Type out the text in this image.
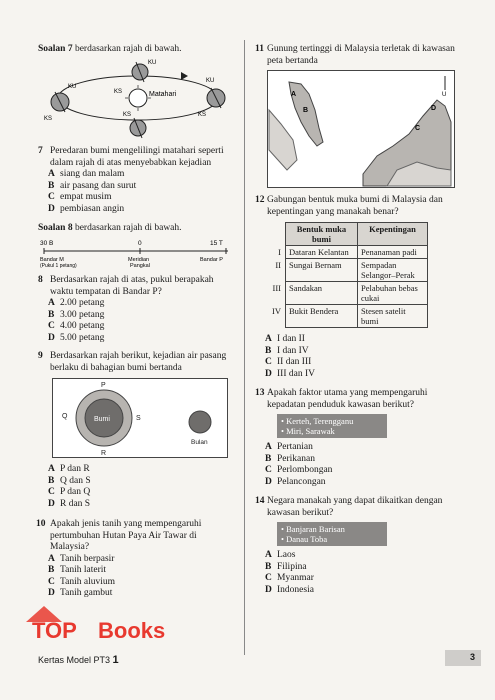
Soalan 7 berdasarkan rajah di bawah.
Matahari
KU
KU
KU
KS
KS
KS
KS
7 Peredaran bumi mengelilingi matahari seperti dalam rajah di atas menyebabkan kejadian
A siang dan malam
B air pasang dan surut
C empat musim
D pembiasan angin
Soalan 8 berdasarkan rajah di bawah.
30 B	0	15 T
Bandar M
(Pukul 1 petang)
Meridian
Pangkal
Bandar P
8 Berdasarkan rajah di atas, pukul berapakah waktu tempatan di Bandar P?
A 2.00 petang
B 3.00 petang
C 4.00 petang
D 5.00 petang
9 Berdasarkan rajah berikut, kejadian air pasang berlaku di bahagian bumi bertanda
P
Q
R
S
Bumi
Bulan
A P dan R
B Q dan S
C P dan Q
D R dan S
10 Apakah jenis tanih yang mempengaruhi pertumbuhan Hutan Paya Air Tawar di Malaysia?
A Tanih berpasir
B Tanih laterit
C Tanih aluvium
D Tanih gambut
TOP Books
11 Gunung tertinggi di Malaysia terletak di kawasan peta bertanda
A
B
C
D
U
12 Gabungan bentuk muka bumi di Malaysia dan kepentingan yang manakah benar?
	Bentuk muka bumi	Kepentingan
I	Dataran Kelantan	Penanaman padi
II	Sungai Bernam	Sempadan Selangor–Perak
III	Sandakan	Pelabuhan bebas cukai
IV	Bukit Bendera	Stesen satelit bumi
A I dan II
B I dan IV
C II dan III
D III dan IV
13 Apakah faktor utama yang mempengaruhi kepadatan penduduk kawasan berikut?
• Kerteh, Terengganu
• Miri, Sarawak
A Pertanian
B Perikanan
C Perlombongan
D Pelancongan
14 Negara manakah yang dapat dikaitkan dengan kawasan berikut?
• Banjaran Barisan
• Danau Toba
A Laos
B Filipina
C Myanmar
D Indonesia
Kertas Model PT3 1	3
